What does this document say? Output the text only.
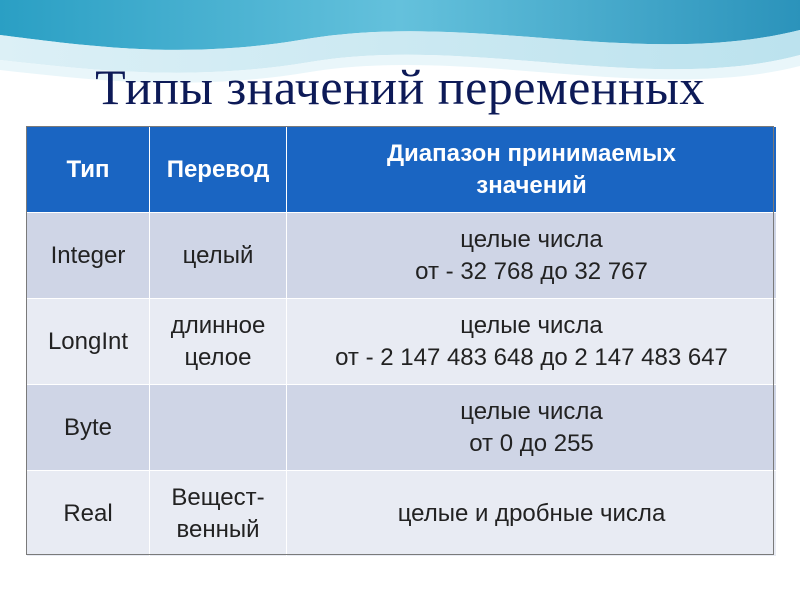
Типы значений переменных
Тип	Перевод	Диапазон принимаемых
значений

Integer	целый	целые числа
от - 32 768 до 32 767

LongInt	длинное
целое	целые числа
от - 2 147 483 648 до 2 147 483 647

Byte		целые числа
от 0 до 255

Real	Вещест-
венный	целые и дробные числа
